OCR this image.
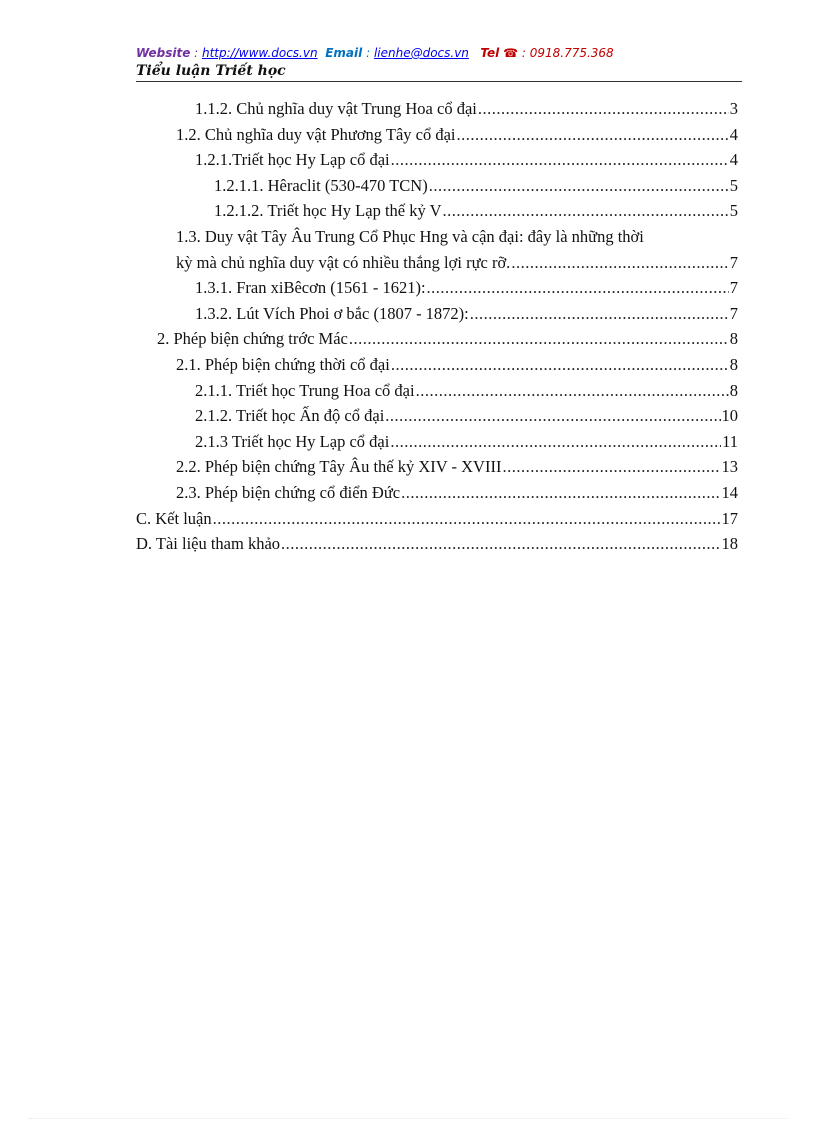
Website : http://www.docs.vn Email : lienhe@docs.vn Tel ☎ : 0918.775.368
Tiểu luận Triết học
1.1.2. Chủ nghĩa duy vật Trung Hoa cổ đại .....	3
1.2. Chủ nghĩa duy vật Phương Tây cổ đại .....	4
1.2.1.Triết học Hy Lạp cổ đại .....	4
1.2.1.1. Hêraclit (530-470 TCN) .....	5
1.2.1.2. Triết học Hy Lạp thế kỷ V .....	5
1.3. Duy vật Tây Âu Trung Cổ Phục Hng và cận đại: đây là những thời
kỳ mà chủ nghĩa duy vật có nhiều thắng lợi rực rỡ. .....	7
1.3.1. Fran xiBêcơn (1561 - 1621): .....	7
1.3.2. Lút Vích Phoi ơ bắc (1807 - 1872): .....	7
2. Phép biện chứng trớc Mác .....	8
2.1. Phép biện chứng thời cổ đại .....	8
2.1.1. Triết học Trung Hoa cổ đại .....	8
2.1.2. Triết học Ấn độ cổ đại .....	10
2.1.3 Triết học Hy Lạp cổ đại .....	11
2.2. Phép biện chứng Tây Âu thế kỷ XIV - XVIII .....	13
2.3. Phép biện chứng cổ điển Đức .....	14
C. Kết luận .....	17
D. Tài liệu tham khảo .....	18
